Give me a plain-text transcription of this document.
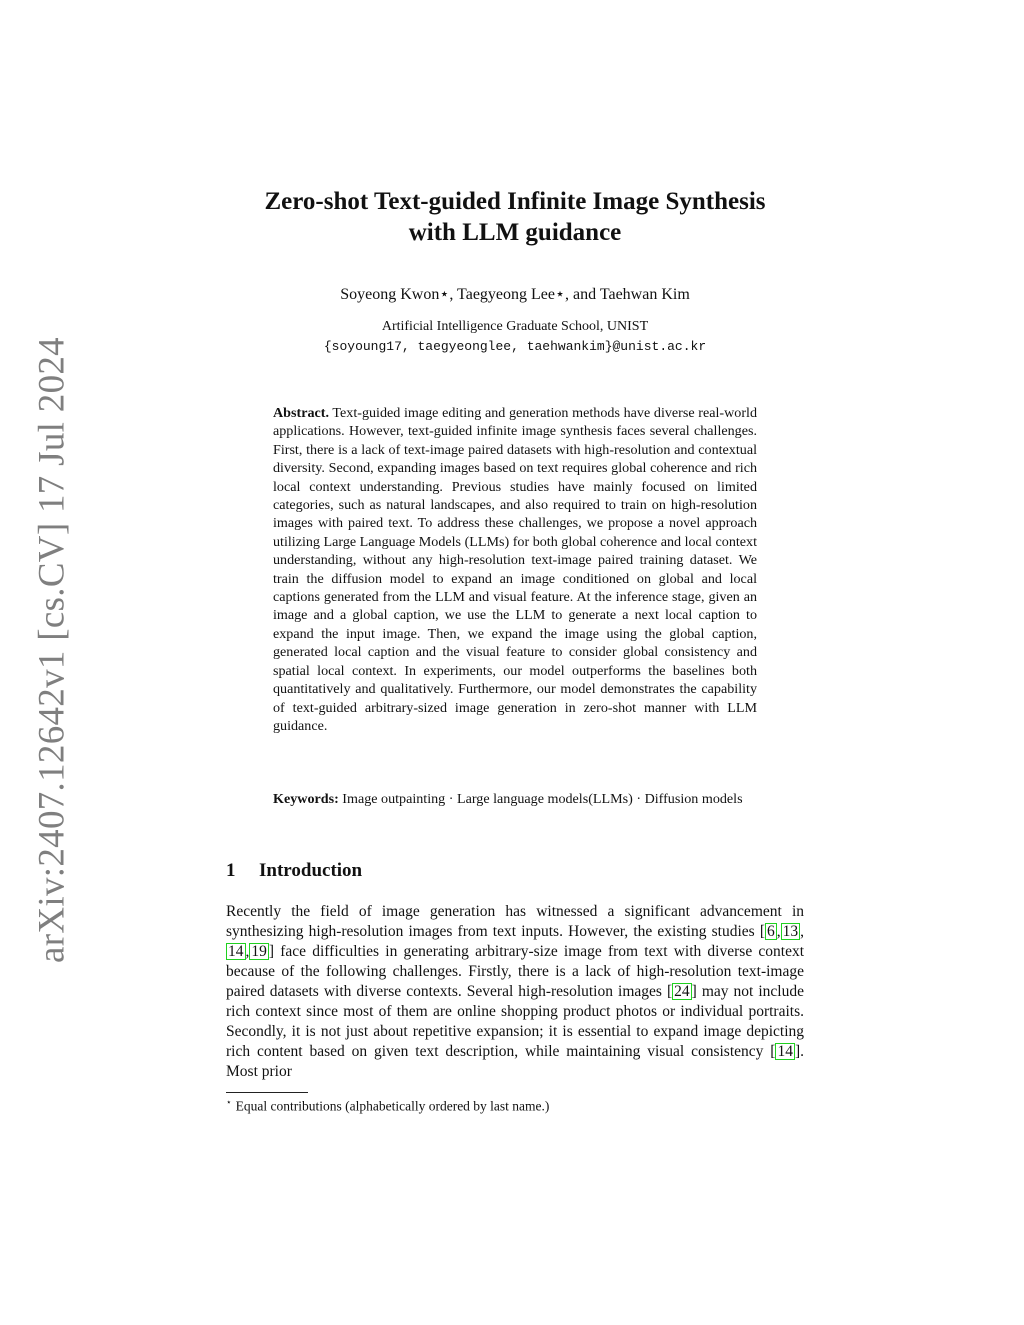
arXiv:2407.12642v1 [cs.CV] 17 Jul 2024
Zero-shot Text-guided Infinite Image Synthesis
with LLM guidance
Soyeong Kwon⋆, Taegyeong Lee⋆, and Taehwan Kim
Artificial Intelligence Graduate School, UNIST
{soyoung17, taegyeonglee, taehwankim}@unist.ac.kr
Abstract. Text-guided image editing and generation methods have diverse real-world applications. However, text-guided infinite image synthesis faces several challenges. First, there is a lack of text-image paired datasets with high-resolution and contextual diversity. Second, expanding images based on text requires global coherence and rich local context understanding. Previous studies have mainly focused on limited categories, such as natural landscapes, and also required to train on high-resolution images with paired text. To address these challenges, we propose a novel approach utilizing Large Language Models (LLMs) for both global coherence and local context understanding, without any high-resolution text-image paired training dataset. We train the diffusion model to expand an image conditioned on global and local captions generated from the LLM and visual feature. At the inference stage, given an image and a global caption, we use the LLM to generate a next local caption to expand the input image. Then, we expand the image using the global caption, generated local caption and the visual feature to consider global consistency and spatial local context. In experiments, our model outperforms the baselines both quantitatively and qualitatively. Furthermore, our model demonstrates the capability of text-guided arbitrary-sized image generation in zero-shot manner with LLM guidance.
Keywords: Image outpainting · Large language models(LLMs) · Diffusion models
1 Introduction
Recently the field of image generation has witnessed a significant advancement in synthesizing high-resolution images from text inputs. However, the existing studies [ 6 , 13 ,14 , 19 ] face difficulties in generating arbitrary-size image from text with diverse context because of the following challenges. Firstly, there is a lack of high-resolution text-image paired datasets with diverse contexts. Several high-resolution images [ 24 ] may not include rich context since most of them are online shopping product photos or individual portraits. Secondly, it is not just about repetitive expansion; it is essential to expand image depicting rich content based on given text description, while maintaining visual consistency [ 14 ]. Most prior
⋆ Equal contributions (alphabetically ordered by last name.)
